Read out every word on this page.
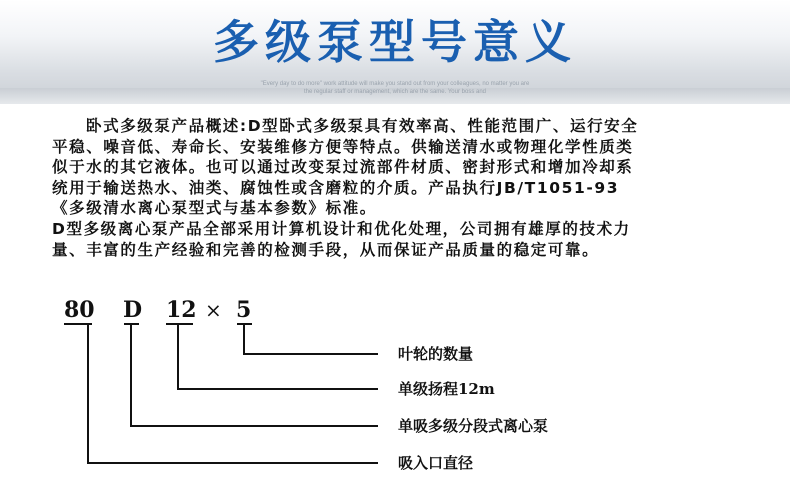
多级泵型号意义
"Every day to do more" work attitude will make you stand out from your colleagues, no matter you are
the regular staff or management, which are the same. Your boss and

卧式多级泵产品概述:D型卧式多级泵具有效率高、性能范围广、运行安全

平稳、噪音低、寿命长、安装维修方便等特点。供输送清水或物理化学性质类

似于水的其它液体。也可以通过改变泵过流部件材质、密封形式和增加冷却系

统用于输送热水、油类、腐蚀性或含磨粒的介质。产品执行JB/T1051-93

《多级清水离心泵型式与基本参数》标准。

D型多级离心泵产品全部采用计算机设计和优化处理，公司拥有雄厚的技术力

量、丰富的生产经验和完善的检测手段，从而保证产品质量的稳定可靠。

80 D 12 × 5
叶轮的数量
单级扬程12m
单吸多级分段式离心泵
吸入口直径
